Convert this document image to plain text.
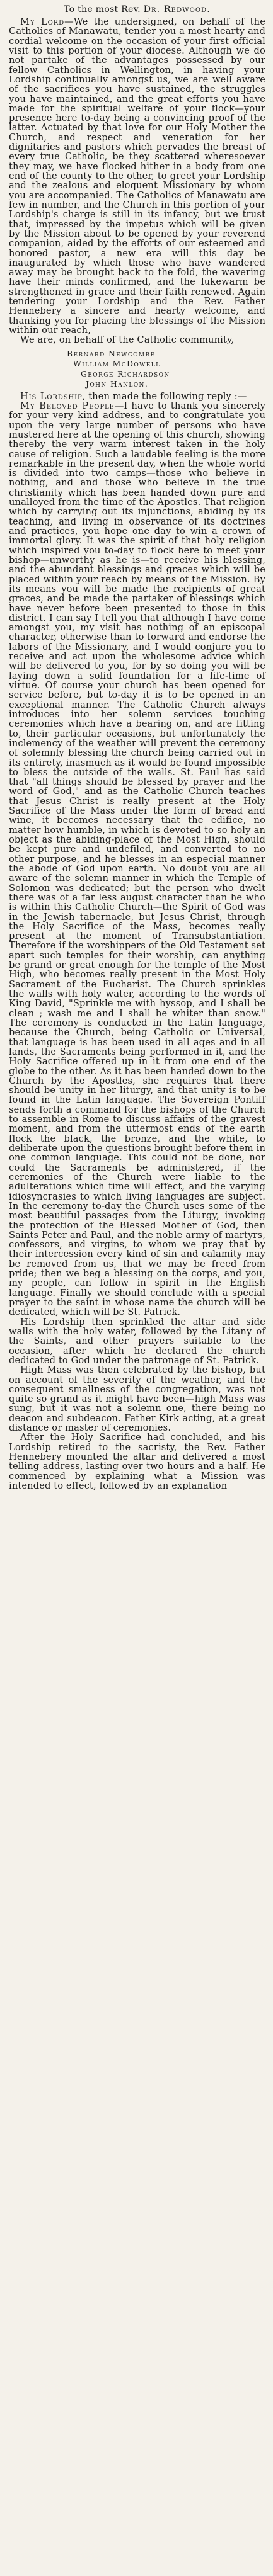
To the most Rev. Dr. Redwood.

My Lord—We the undersigned, on behalf of the Catholics of Manawatu, tender you a most hearty and cordial welcome on the occasion of your first official visit to this portion of your diocese. Although we do not partake of the advantages possessed by our fellow Catholics in Wellington, in having your Lordship continually amongst us, we are well aware of the sacrifices you have sustained, the struggles you have maintained, and the great efforts you have made for the spiritual welfare of your flock—your presence here to-day being a convincing proof of the latter. Actuated by that love for our Holy Mother the Church, and respect and veneration for her dignitaries and pastors which pervades the breast of every true Catholic, be they scattered wheresoever they may, we have flocked hither in a body from one end of the county to the other, to greet your Lordship and the zealous and eloquent Missionary by whom you are accompanied. The Catholics of Manawatu are few in number, and the Church in this portion of your Lordship's charge is still in its infancy, but we trust that, impressed by the impetus which will be given by the Mission about to be opened by your reverend companion, aided by the efforts of our esteemed and honored pastor, a new era will this day be inaugurated by which those who have wandered away may be brought back to the fold, the wavering have their minds confirmed, and the lukewarm be strengthened in grace and their faith renewed. Again tendering your Lordship and the Rev. Father Hennebery a sincere and hearty welcome, and thanking you for placing the blessings of the Mission within our reach,

We are, on behalf of the Catholic community,

Bernard Newcombe
William McDowell
George Richardson
John Hanlon.

His Lordship, then made the following reply :—

My Beloved People—I have to thank you sincerely for your very kind address, and to congratulate you upon the very large number of persons who have mustered here at the opening of this church, showing thereby the very warm interest taken in the holy cause of religion. Such a laudable feeling is the more remarkable in the present day, when the whole world is divided into two camps—those who believe in nothing, and and those who believe in the true christianity which has been handed down pure and unalloyed from the time of the Apostles. That religion which by carrying out its injunctions, abiding by its teaching, and living in observance of its doctrines and practices, you hope one day to win a crown of immortal glory. It was the spirit of that holy religion which inspired you to-day to flock here to meet your bishop—unworthy as he is—to receive his blessing, and the abundant blessings and graces which will be placed within your reach by means of the Mission. By its means you will be made the recipients of great graces, and be made the partaker of blessings which have never before been presented to those in this district. I can say I tell you that although I have come amongst you, my visit has nothing of an episcopal character, otherwise than to forward and endorse the labors of the Missionary, and I would conjure you to receive and act upon the wholesome advice which will be delivered to you, for by so doing you will be laying down a solid foundation for a life-time of virtue. Of course your church has been opened for service before, but to-day it is to be opened in an exceptional manner. The Catholic Church always introduces into her solemn services touching ceremonies which have a bearing on, and are fitting to, their particular occasions, but unfortunately the inclemency of the weather will prevent the ceremony of solemnly blessing the church being carried out in its entirety, inasmuch as it would be found impossible to bless the outside of the walls. St. Paul has said that "all things should be blessed by prayer and the word of God," and as the Catholic Church teaches that Jesus Christ is really present at the Holy Sacrifice of the Mass under the form of bread and wine, it becomes necessary that the edifice, no matter how humble, in which is devoted to so holy an object as the abiding-place of the Most High, should be kept pure and undefiled, and converted to no other purpose, and he blesses in an especial manner the abode of God upon earth. No doubt you are all aware of the solemn manner in which the Temple of Solomon was dedicated; but the person who dwelt there was of a far less august character than he who is within this Catholic Church—the Spirit of God was in the Jewish tabernacle, but Jesus Christ, through the Holy Sacrifice of the Mass, becomes really present at the moment of Transubstantiation. Therefore if the worshippers of the Old Testament set apart such temples for their worship, can anything be grand or great enough for the temple of the Most High, who becomes really present in the Most Holy Sacrament of the Eucharist. The Church sprinkles the walls with holy water, according to the words of King David, "Sprinkle me with hyssop, and I shall be clean ; wash me and I shall be whiter than snow." The ceremony is conducted in the Latin language, because the Church, being Catholic or Universal, that language is has been used in all ages and in all lands, the Sacraments being performed in it, and the Holy Sacrifice offered up in it from one end of the globe to the other. As it has been handed down to the Church by the Apostles, she requires that there should be unity in her liturgy, and that unity is to be found in the Latin language. The Sovereign Pontiff sends forth a command for the bishops of the Church to assemble in Rome to discuss affairs of the gravest moment, and from the uttermost ends of the earth flock the black, the bronze, and the white, to deliberate upon the questions brought before them in one common language. This could not be done, nor could the Sacraments be administered, if the ceremonies of the Church were liable to the adulterations which time will effect, and the varying idiosyncrasies to which living languages are subject. In the ceremony to-day the Church uses some of the most beautiful passages from the Liturgy, invoking the protection of the Blessed Mother of God, then Saints Peter and Paul, and the noble army of martyrs, confessors, and virgins, to whom we pray that by their intercession every kind of sin and calamity may be removed from us, that we may be freed from pride; then we beg a blessing on the corps, and you, my people, can follow in spirit in the English language. Finally we should conclude with a special prayer to the saint in whose name the church will be dedicated, which will be St. Patrick.

His Lordship then sprinkled the altar and side walls with the holy water, followed by the Litany of the Saints, and other prayers suitable to the occasion, after which he declared the church dedicated to God under the patronage of St. Patrick.

High Mass was then celebrated by the bishop, but on account of the severity of the weather, and the consequent smallness of the congregation, was not quite so grand as it might have been—high Mass was sung, but it was not a solemn one, there being no deacon and subdeacon. Father Kirk acting, at a great distance or master of ceremonies.

After the Holy Sacrifice had concluded, and his Lordship retired to the sacristy, the Rev. Father Hennebery mounted the altar and delivered a most telling address, lasting over two hours and a half. He commenced by explaining what a Mission was intended to effect, followed by an explanation
